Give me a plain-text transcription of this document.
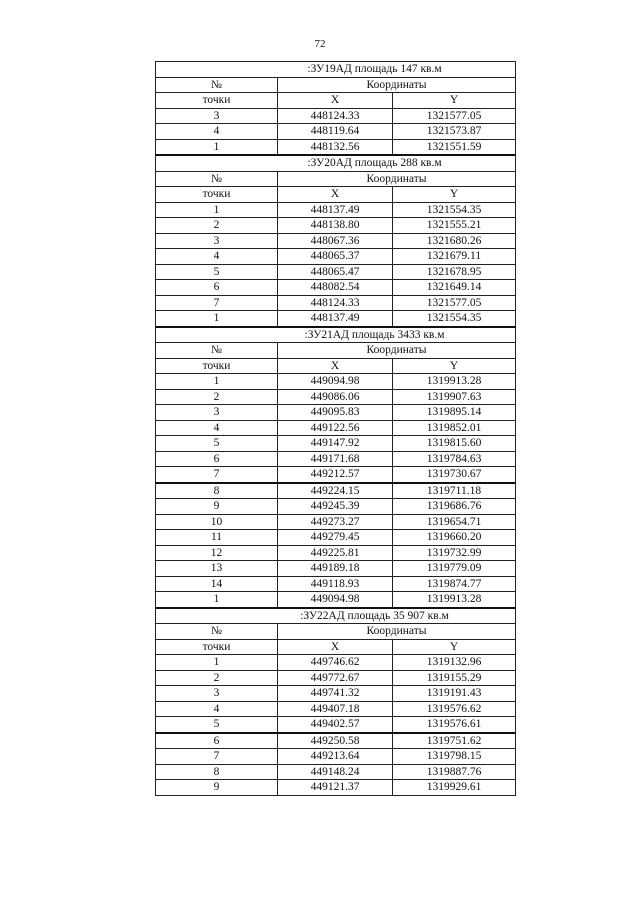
72
:ЗУ19АД площадь 147 кв.м		
№	Координаты	
точки	X	Y
3	448124.33	1321577.05
4	448119.64	1321573.87
1	448132.56	1321551.59
:ЗУ20АД площадь 288 кв.м		
№	Координаты	
точки	X	Y
1	448137.49	1321554.35
2	448138.80	1321555.21
3	448067.36	1321680.26
4	448065.37	1321679.11
5	448065.47	1321678.95
6	448082.54	1321649.14
7	448124.33	1321577.05
1	448137.49	1321554.35
:ЗУ21АД площадь 3433 кв.м		
№	Координаты	
точки	X	Y
1	449094.98	1319913.28
2	449086.06	1319907.63
3	449095.83	1319895.14
4	449122.56	1319852.01
5	449147.92	1319815.60
6	449171.68	1319784.63
7	449212.57	1319730.67
8	449224.15	1319711.18
9	449245.39	1319686.76
10	449273.27	1319654.71
11	449279.45	1319660.20
12	449225.81	1319732.99
13	449189.18	1319779.09
14	449118.93	1319874.77
1	449094.98	1319913.28
:ЗУ22АД площадь 35 907 кв.м		
№	Координаты	
точки	X	Y
1	449746.62	1319132.96
2	449772.67	1319155.29
3	449741.32	1319191.43
4	449407.18	1319576.62
5	449402.57	1319576.61
6	449250.58	1319751.62
7	449213.64	1319798.15
8	449148.24	1319887.76
9	449121.37	1319929.61
